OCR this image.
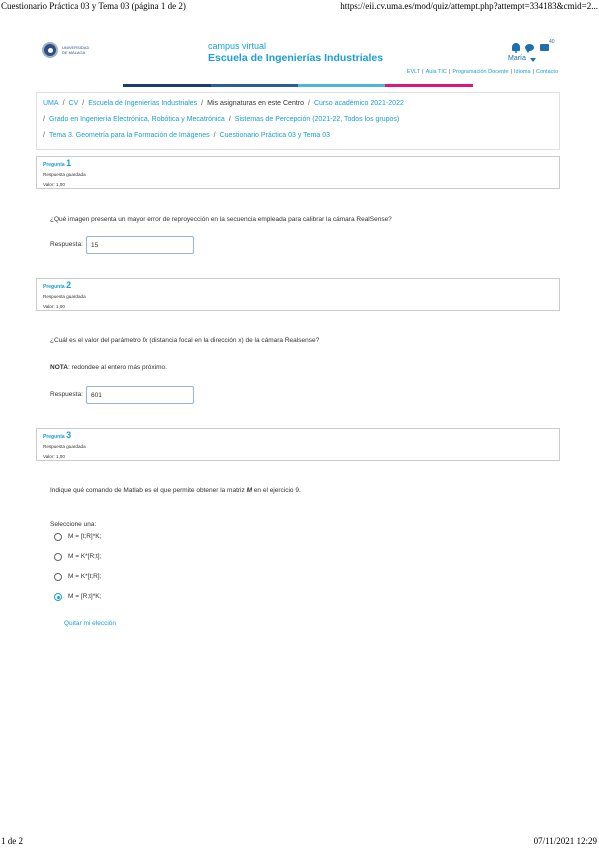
Cuestionario Práctica 03 y Tema 03 (página 1 de 2)	https://eii.cv.uma.es/mod/quiz/attempt.php?attempt=334183&cmid=2...
UNIVERSIDAD DE MÁLAGA
campus virtual
Escuela de Ingenierías Industriales
40
María
EVLT | Aula TIC | Programación Docente | Idioma | Contacto
UMA / CV / Escuela de Ingenierías Industriales / Mis asignaturas en este Centro / Curso académico 2021-2022
/ Grado en Ingeniería Electrónica, Robótica y Mecatrónica / Sistemas de Percepción (2021-22, Todos los grupos)
/ Tema 3. Geometría para la Formación de Imágenes / Cuestionario Práctica 03 y Tema 03
Pregunta 1
Respuesta guardada
Valor: 1,00
¿Qué imagen presenta un mayor error de reproyección en la secuencia empleada para calibrar la cámara RealSense?
Respuesta:
15
Pregunta 2
Respuesta guardada
Valor: 1,00
¿Cuál es el valor del parámetro fx (distancia focal en la dirección x) de la cámara Realsense?
NOTA: redondee al entero más próximo.
Respuesta:
601
Pregunta 3
Respuesta guardada
Valor: 1,00
Indique qué comando de Matlab es el que permite obtener la matriz M en el ejercicio 9.
Seleccione una:
M = [t;R]*K;
M = K*[R;t];
M = K*[t;R];
M = [R;t]*K;
Quitar mi elección
1 de 2	07/11/2021 12:29
